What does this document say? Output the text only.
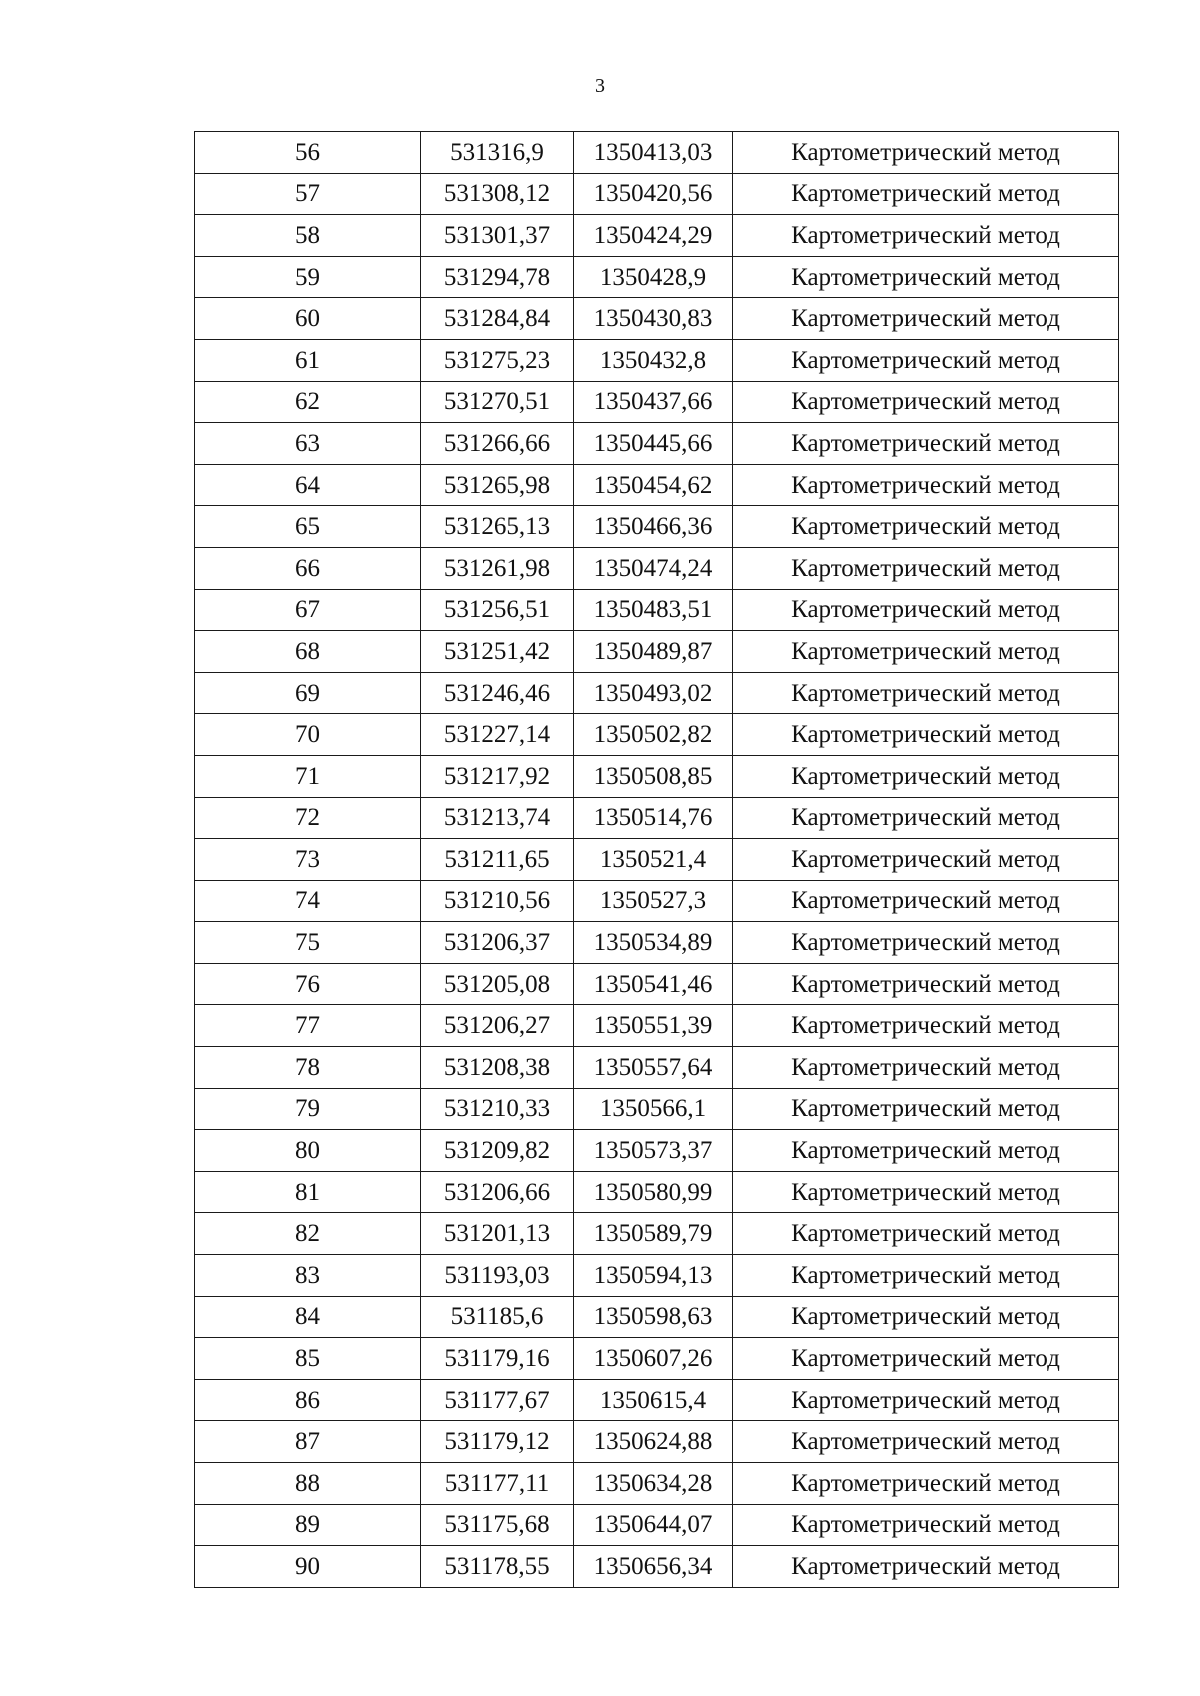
3
56	531316,9	1350413,03	Картометрический метод
57	531308,12	1350420,56	Картометрический метод
58	531301,37	1350424,29	Картометрический метод
59	531294,78	1350428,9	Картометрический метод
60	531284,84	1350430,83	Картометрический метод
61	531275,23	1350432,8	Картометрический метод
62	531270,51	1350437,66	Картометрический метод
63	531266,66	1350445,66	Картометрический метод
64	531265,98	1350454,62	Картометрический метод
65	531265,13	1350466,36	Картометрический метод
66	531261,98	1350474,24	Картометрический метод
67	531256,51	1350483,51	Картометрический метод
68	531251,42	1350489,87	Картометрический метод
69	531246,46	1350493,02	Картометрический метод
70	531227,14	1350502,82	Картометрический метод
71	531217,92	1350508,85	Картометрический метод
72	531213,74	1350514,76	Картометрический метод
73	531211,65	1350521,4	Картометрический метод
74	531210,56	1350527,3	Картометрический метод
75	531206,37	1350534,89	Картометрический метод
76	531205,08	1350541,46	Картометрический метод
77	531206,27	1350551,39	Картометрический метод
78	531208,38	1350557,64	Картометрический метод
79	531210,33	1350566,1	Картометрический метод
80	531209,82	1350573,37	Картометрический метод
81	531206,66	1350580,99	Картометрический метод
82	531201,13	1350589,79	Картометрический метод
83	531193,03	1350594,13	Картометрический метод
84	531185,6	1350598,63	Картометрический метод
85	531179,16	1350607,26	Картометрический метод
86	531177,67	1350615,4	Картометрический метод
87	531179,12	1350624,88	Картометрический метод
88	531177,11	1350634,28	Картометрический метод
89	531175,68	1350644,07	Картометрический метод
90	531178,55	1350656,34	Картометрический метод
